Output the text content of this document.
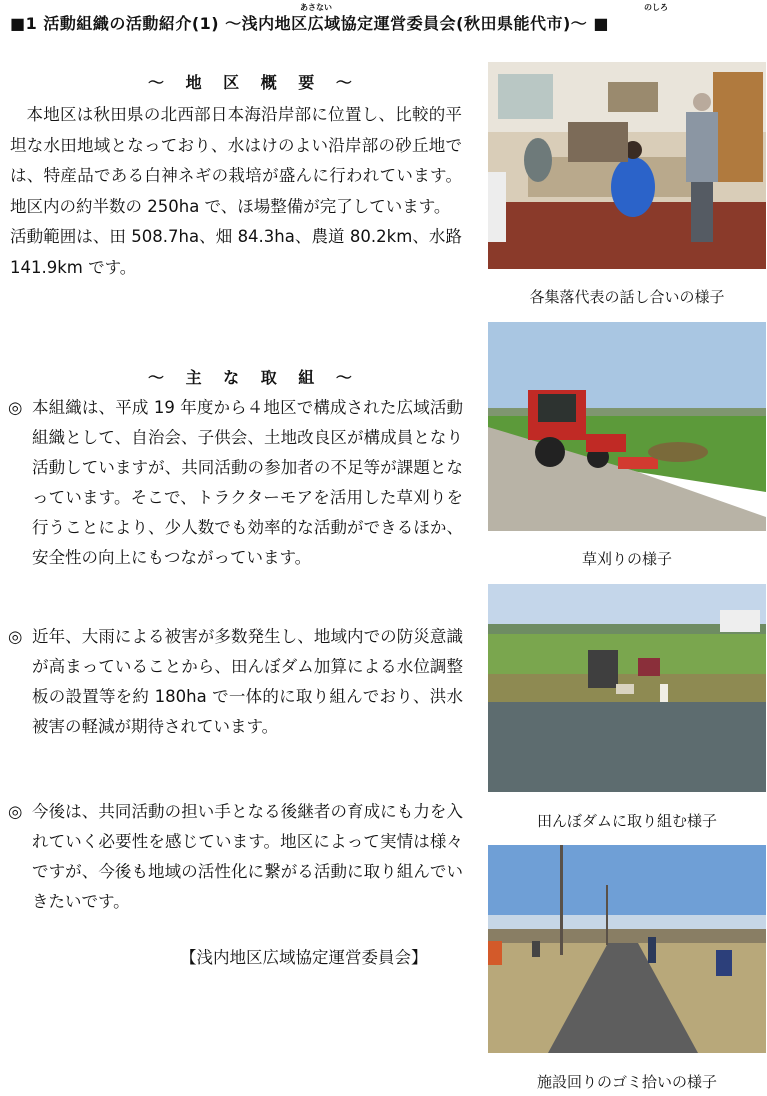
あさない	のしろ
■1 活動組織の活動紹介(1) ～浅内地区広域協定運営委員会(秋田県能代市)～ ■
～ 地 区 概 要 ～

本地区は秋田県の北西部日本海沿岸部に位置し、比較的平坦な水田地域となっており、水はけのよい沿岸部の砂丘地では、特産品である白神ネギの栽培が盛んに行われています。地区内の約半数の 250ha で、ほ場整備が完了しています。

活動範囲は、田 508.7ha、畑 84.3ha、農道 80.2km、水路 141.9km です。

～ 主 な 取 組 ～
◎ 本組織は、平成 19 年度から４地区で構成された広域活動組織として、自治会、子供会、土地改良区が構成員となり活動していますが、共同活動の参加者の不足等が課題となっています。そこで、トラクターモアを活用した草刈りを行うことにより、少人数でも効率的な活動ができるほか、安全性の向上にもつながっています。
◎ 近年、大雨による被害が多数発生し、地域内での防災意識が高まっていることから、田んぼダム加算による水位調整板の設置等を約 180ha で一体的に取り組んでおり、洪水被害の軽減が期待されています。
◎ 今後は、共同活動の担い手となる後継者の育成にも力を入れていく必要性を感じています。地区によって実情は様々ですが、今後も地域の活性化に繋がる活動に取り組んでいきたいです。
【浅内地区広域協定運営委員会】
各集落代表の話し合いの様子
草刈りの様子
田んぼダムに取り組む様子
施設回りのゴミ拾いの様子
